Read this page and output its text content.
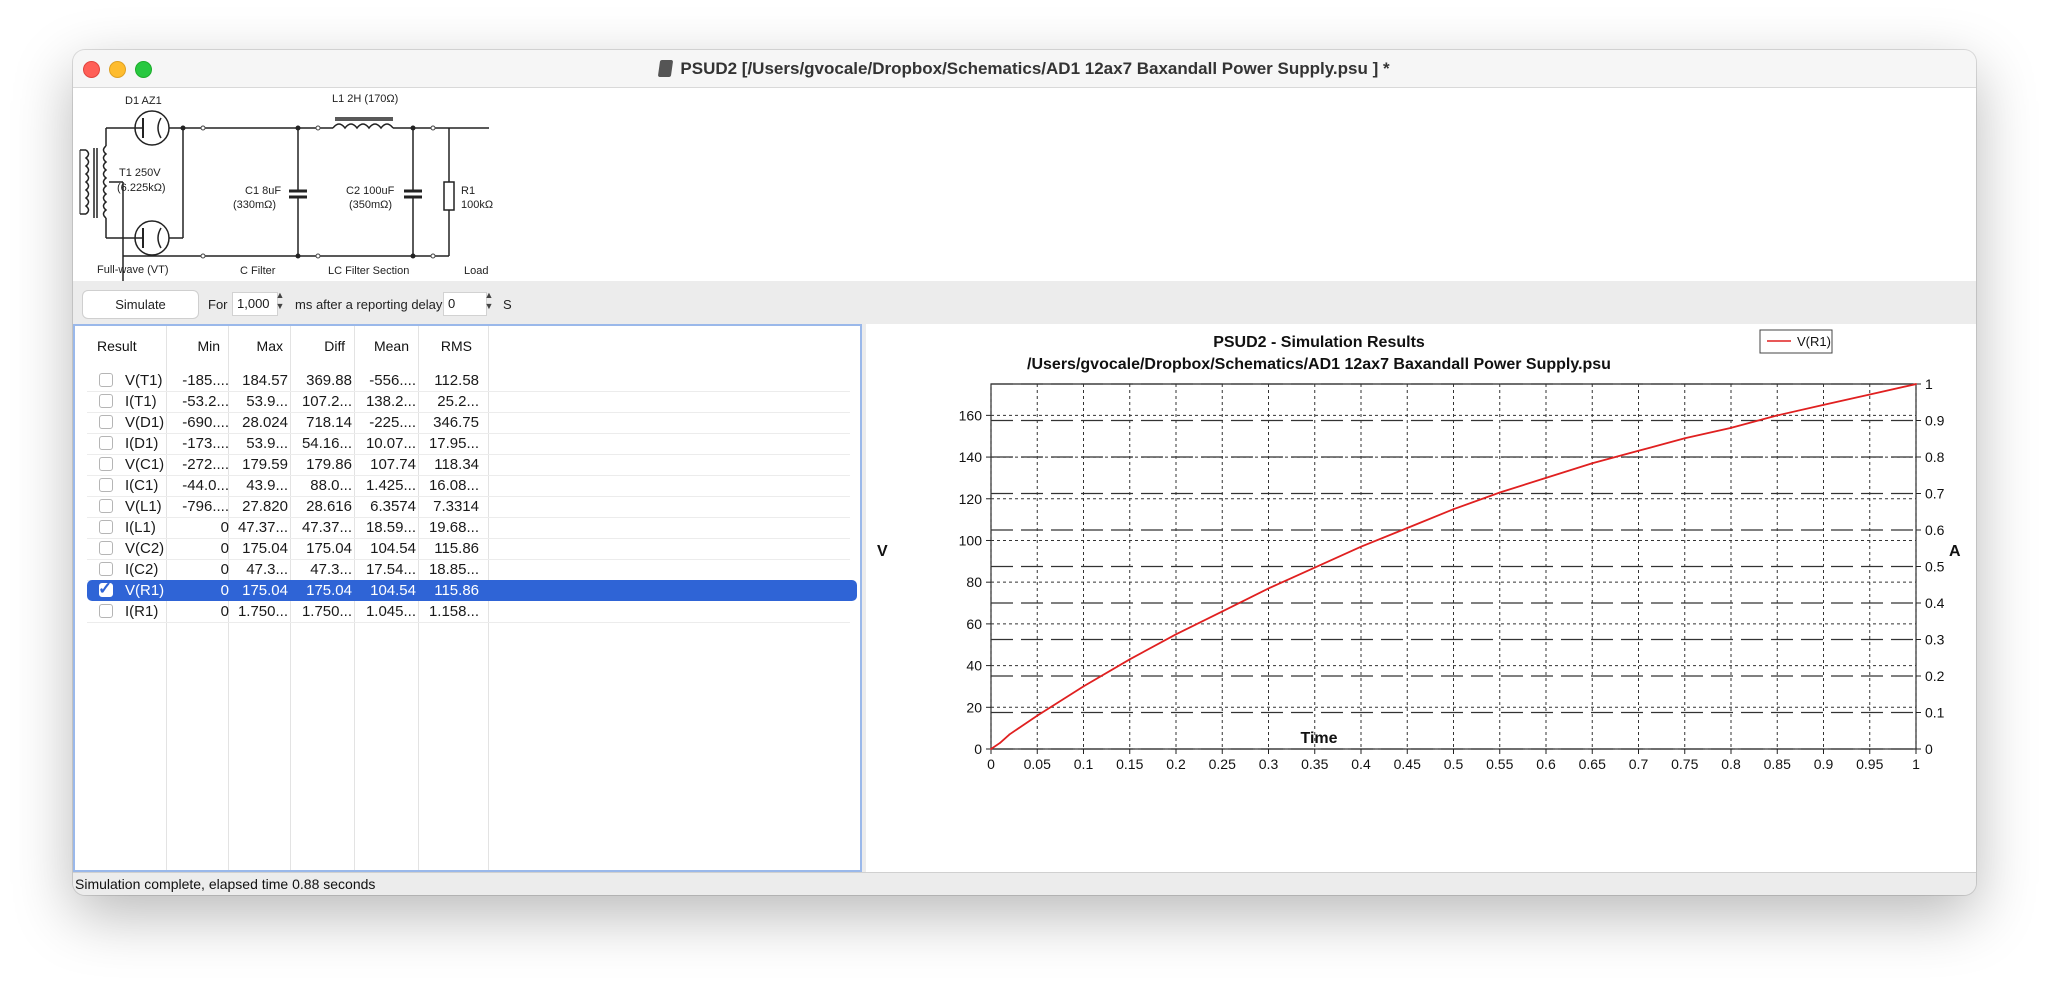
PSUD2 [/Users/gvocale/Dropbox/Schematics/AD1 12ax7 Baxandall Power Supply.psu ] *
D1 AZ1
T1 250V
(6.225kΩ)
L1 2H (170Ω)
C1 8uF
(330mΩ)
C2 100uF
(350mΩ)
R1
100kΩ
Full-wave (VT)	C Filter	LC Filter Section	Load
Simulate	For 1,000
▲
▼ ms after a reporting delay 0
▲
▼ S
Result	Min	Max	Diff Mean RMS
V(T1) -185.... 184.57 369.88 -556.... 112.58
I(T1) -53.2... 53.9... 107.2... 138.2... 25.2...
V(D1) -690.... 28.024 718.14 -225.... 346.75
I(D1) -173.... 53.9... 54.16... 10.07... 17.95...
V(C1) -272.... 179.59 179.86 107.74 118.34
I(C1) -44.0... 43.9... 88.0... 1.425... 16.08...
V(L1) -796.... 27.820 28.616 6.3574 7.3314
I(L1)	0 47.37... 47.37... 18.59... 19.68...
V(C2)	0 175.04 175.04 104.54 115.86
I(C2)	0 47.3... 47.3... 17.54... 18.85...
✓ V(R1)	0 175.04 175.04 104.54 115.86
I(R1)	0 1.750... 1.750... 1.045... 1.158...
0 0.05 0.1 0.15 0.2 0.25 0.3 0.35 0.4 0.45 0.5 0.55 0.6 0.65 0.7 0.75 0.8 0.85 0.9 0.95 1
0
20
40
60
80
100
120
140
160
0
0.1
0.2
0.3
0.4
0.5
0.6
0.7
0.8
0.9
1
PSUD2 - Simulation Results
/Users/gvocale/Dropbox/Schematics/AD1 12ax7 Baxandall Power Supply.psu
Time
V	A
V(R1)
Simulation complete, elapsed time 0.88 seconds
